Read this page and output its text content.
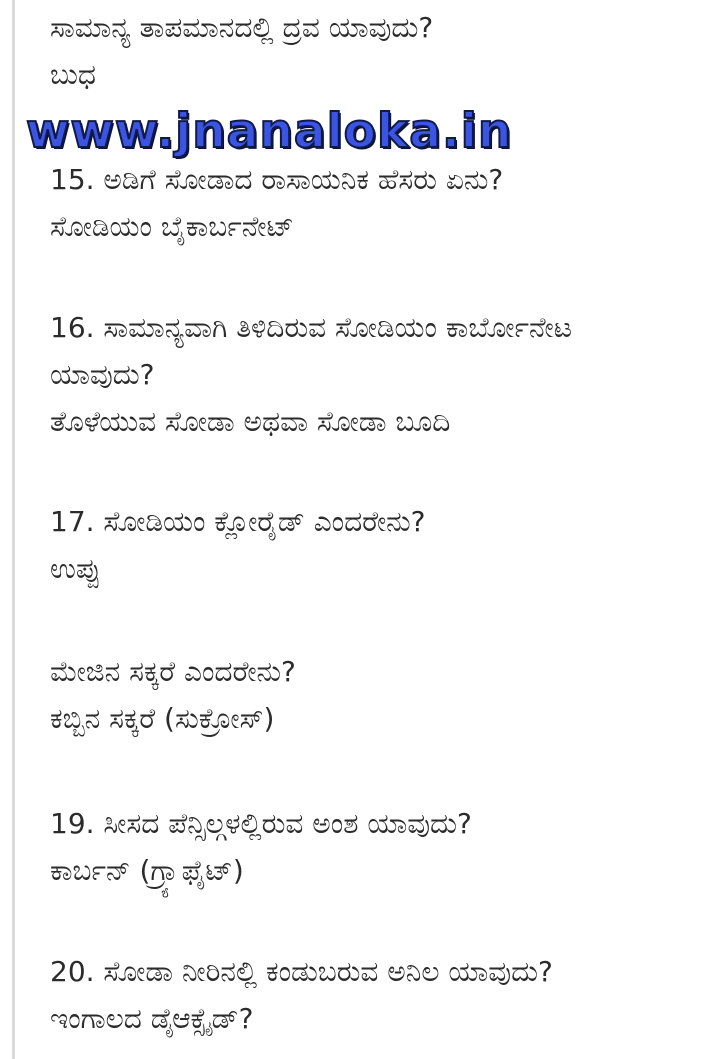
ಸಾಮಾನ್ಯ ತಾಪಮಾನದಲ್ಲಿ ದ್ರವ ಯಾವುದು?
ಬುಧ
15. ಅಡಿಗೆ ಸೋಡಾದ ರಾಸಾಯನಿಕ ಹೆಸರು ಏನು?
ಸೋಡಿಯಂ ಬೈಕಾರ್ಬನೇಟ್
16. ಸಾಮಾನ್ಯವಾಗಿ ತಿಳಿದಿರುವ ಸೋಡಿಯಂ ಕಾರ್ಬೋನೇಟ
ಯಾವುದು?
ತೊಳೆಯುವ ಸೋಡಾ ಅಥವಾ ಸೋಡಾ ಬೂದಿ
17. ಸೋಡಿಯಂ ಕ್ಲೋರೈಡ್ ಎಂದರೇನು?
ಉಪ್ಪು
ಮೇಜಿನ ಸಕ್ಕರೆ ಎಂದರೇನು?
ಕಬ್ಬಿನ ಸಕ್ಕರೆ (ಸುಕ್ರೋಸ್)
19. ಸೀಸದ ಪೆನ್ಸಿಲ್ಗಳಲ್ಲಿರುವ ಅಂಶ ಯಾವುದು?
ಕಾರ್ಬನ್ (ಗ್ರ್ಯಾಫೈಟ್)
20. ಸೋಡಾ ನೀರಿನಲ್ಲಿ ಕಂಡುಬರುವ ಅನಿಲ ಯಾವುದು?
ಇಂಗಾಲದ ಡೈಆಕ್ಸೈಡ್?
www.jnanaloka.in
